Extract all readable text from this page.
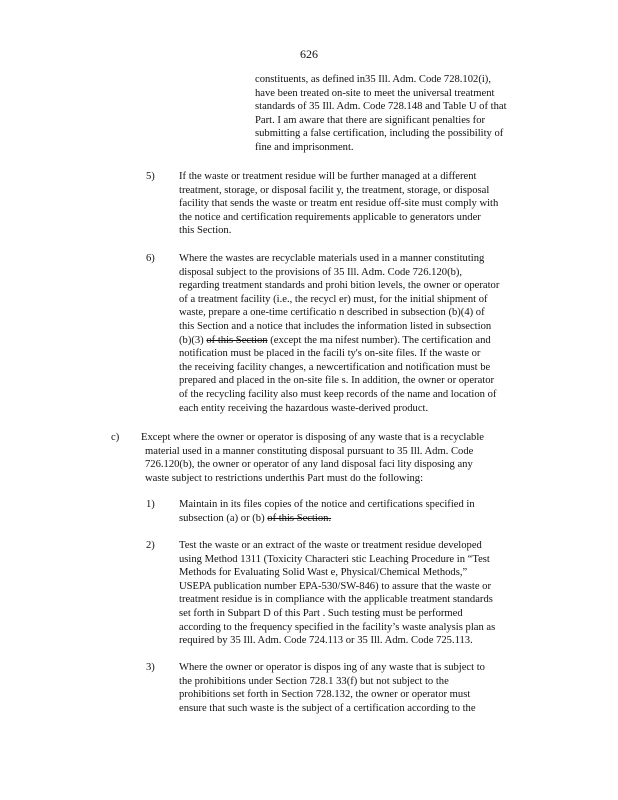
626
constituents, as defined in35 Ill. Adm. Code 728.102(i),
have been treated on-site to meet the universal treatment
standards of 35 Ill. Adm. Code 728.148 and Table U of that
Part. I am aware that there are significant penalties for
submitting a false certification, including the possibility of
fine and imprisonment.
5) If the waste or treatment residue will be further managed at a different
treatment, storage, or disposal facilit y, the treatment, storage, or disposal
facility that sends the waste or treatm ent residue off-site must comply with
the notice and certification requirements applicable to generators under
this Section.
6) Where the wastes are recyclable materials used in a manner constituting
disposal subject to the provisions of 35 Ill. Adm. Code 726.120(b),
regarding treatment standards and prohi bition levels, the owner or operator
of a treatment facility (i.e., the recycl er) must, for the initial shipment of
waste, prepare a one-time certificatio n described in subsection (b)(4) of
this Section and a notice that includes the information listed in subsection
(b)(3) of this Section (except the ma nifest number). The certification and
notification must be placed in the facili ty's on-site files. If the waste or
the receiving facility changes, a newcertification and notification must be
prepared and placed in the on-site file s. In addition, the owner or operator
of the recycling facility also must keep records of the name and location of
each entity receiving the hazardous waste-derived product.
c) Except where the owner or operator is disposing of any waste that is a recyclable
material used in a manner constituting disposal pursuant to 35 Ill. Adm. Code
726.120(b), the owner or operator of any land disposal faci lity disposing any
waste subject to restrictions underthis Part must do the following:
1) Maintain in its files copies of the notice and certifications specified in
subsection (a) or (b) of this Section.
2) Test the waste or an extract of the waste or treatment residue developed
using Method 1311 (Toxicity Characteri stic Leaching Procedure in “Test
Methods for Evaluating Solid Wast e, Physical/Chemical Methods,”
USEPA publication number EPA-530/SW-846) to assure that the waste or
treatment residue is in compliance with the applicable treatment standards
set forth in Subpart D of this Part . Such testing must be performed
according to the frequency specified in the facility’s waste analysis plan as
required by 35 Ill. Adm. Code 724.113 or 35 Ill. Adm. Code 725.113.
3) Where the owner or operator is dispos ing of any waste that is subject to
the prohibitions under Section 728.1 33(f) but not subject to the
prohibitions set forth in Section 728.132, the owner or operator must
ensure that such waste is the subject of a certification according to the
